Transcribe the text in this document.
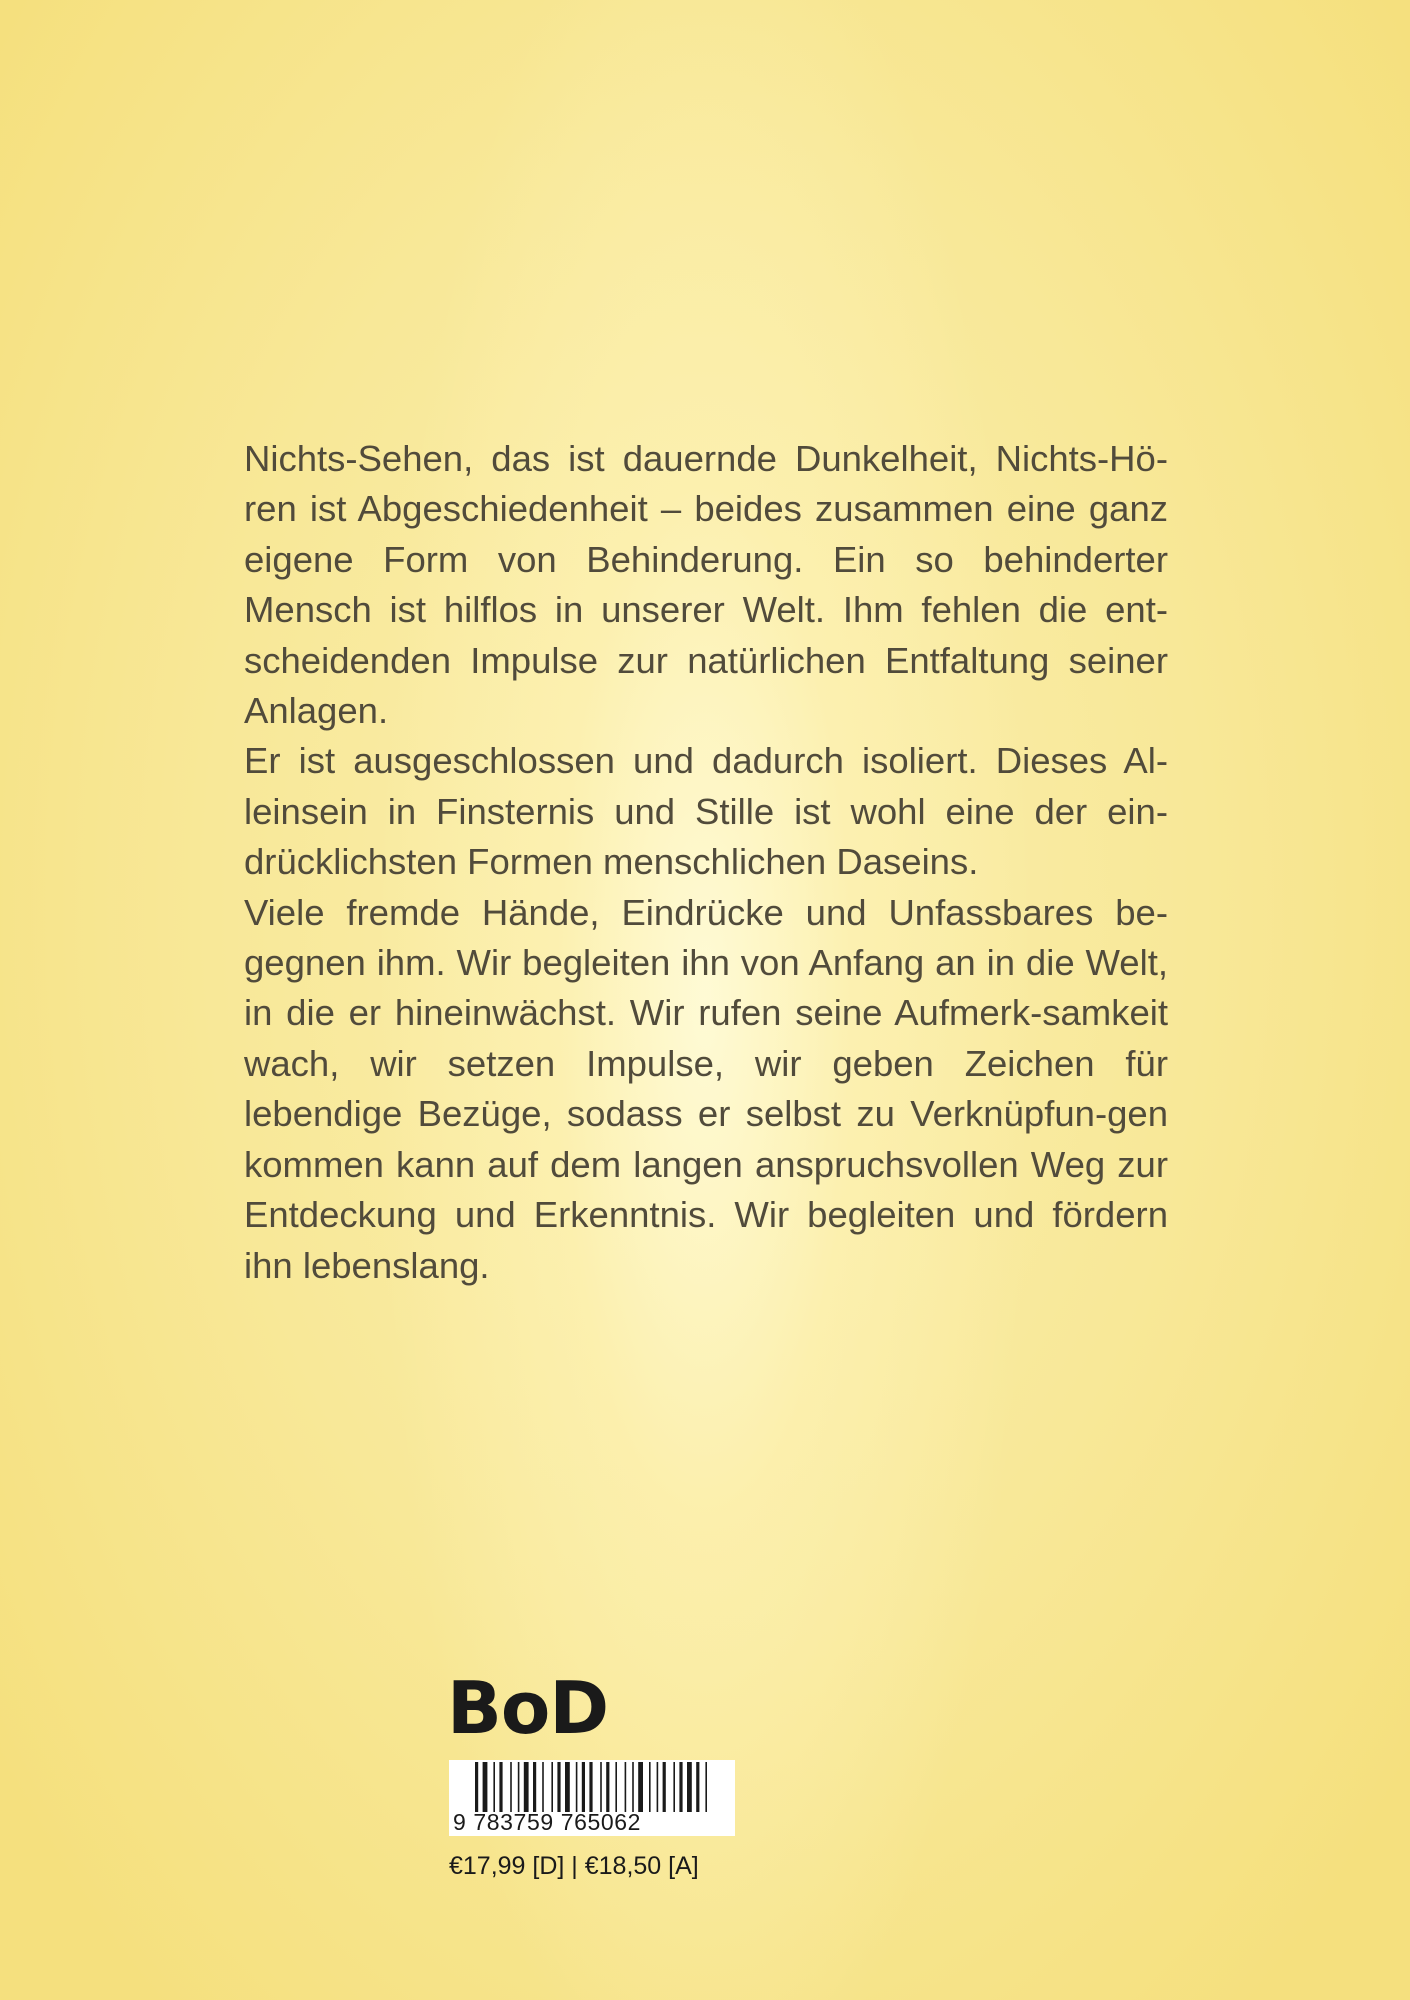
Nichts-Sehen, das ist dauernde Dunkelheit, Nichts-Hö-​ren ist Abgeschiedenheit – beides zusammen eine ganz eigene Form von Behinderung. Ein so behinderter Mensch ist hilflos in unserer Welt. Ihm fehlen die ent-​scheidenden Impulse zur natürlichen Entfaltung seiner Anlagen.

Er ist ausgeschlossen und dadurch isoliert. Dieses Al-​leinsein in Finsternis und Stille ist wohl eine der ein-​drücklichsten Formen menschlichen Daseins.

Viele fremde Hände, Eindrücke und Unfassbares be-​gegnen ihm. Wir begleiten ihn von Anfang an in die Welt, in die er hineinwächst. Wir rufen seine Aufmerk-​samkeit wach, wir setzen Impulse, wir geben Zeichen für lebendige Bezüge, sodass er selbst zu Verknüpfun-​gen kommen kann auf dem langen anspruchsvollen Weg zur Entdeckung und Erkenntnis. Wir begleiten und fördern ihn lebenslang.

BoD
9 783759 765062
€17,99 [D] | €18,50 [A]
